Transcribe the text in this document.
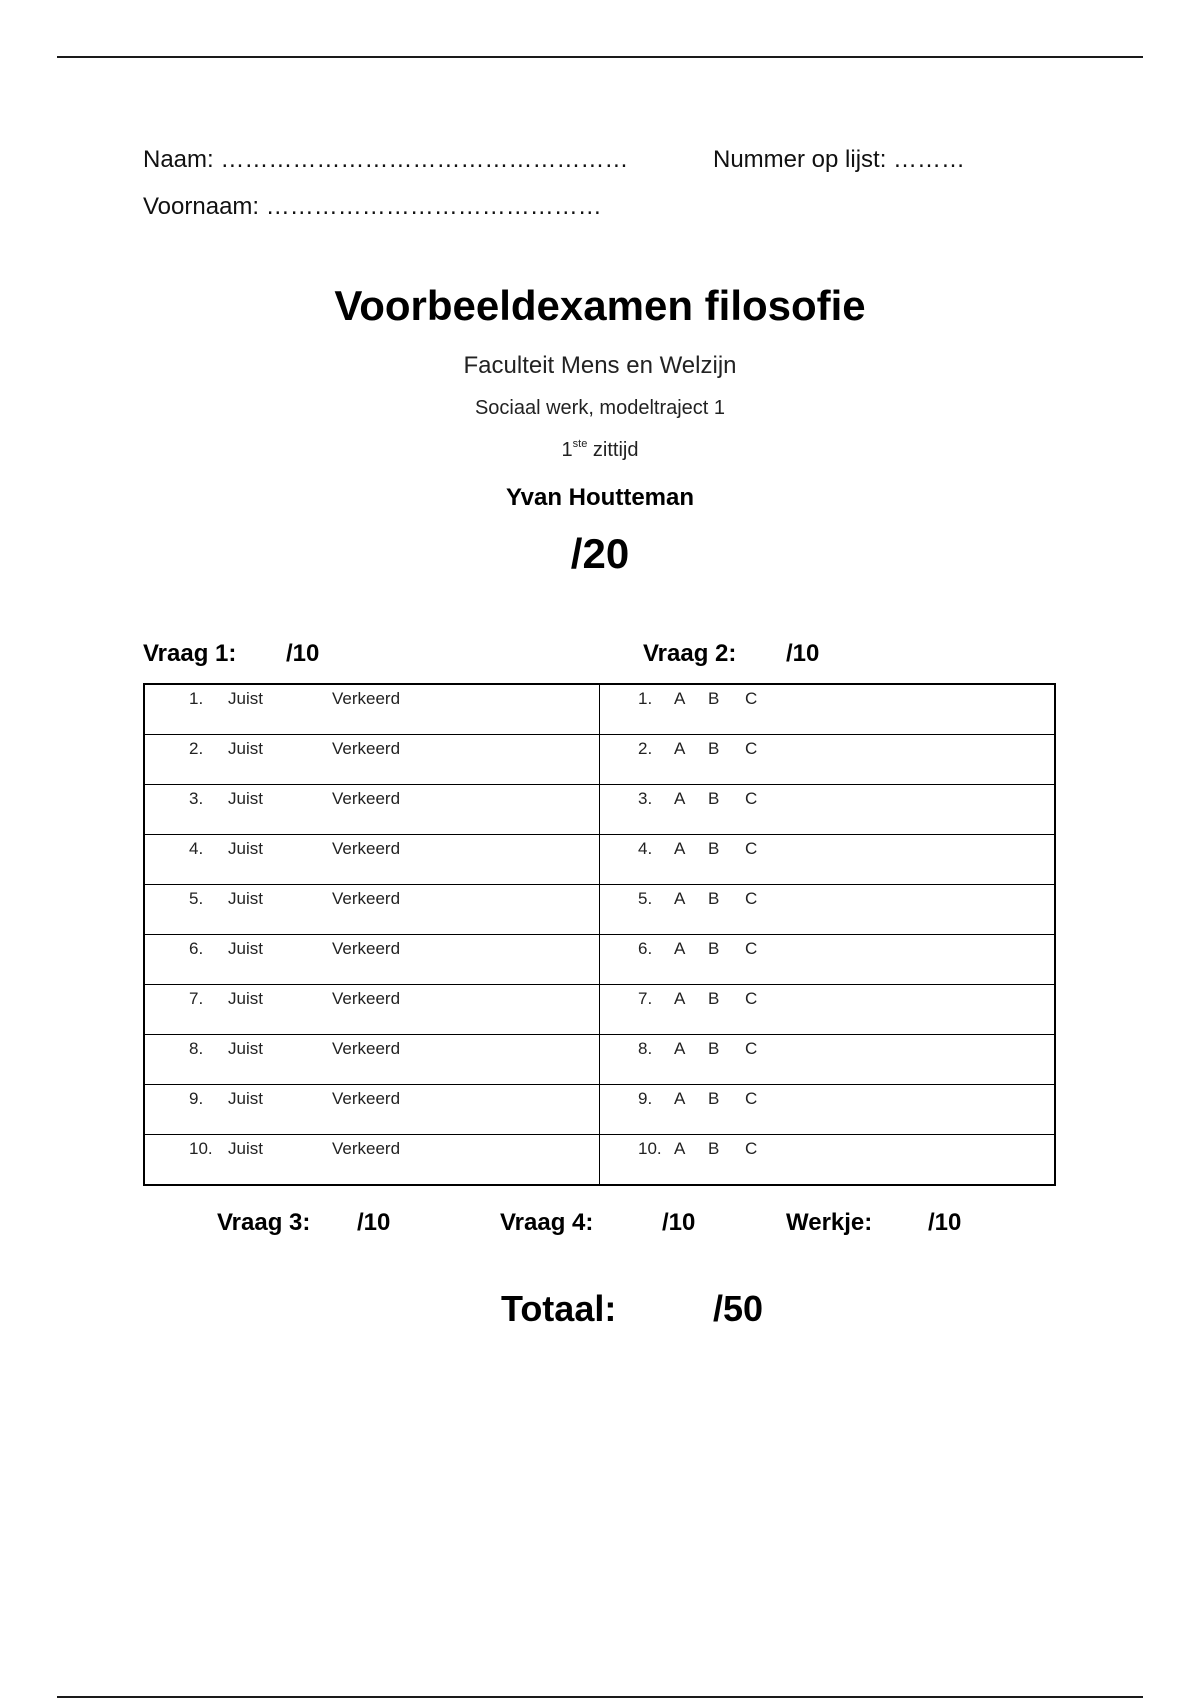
Naam: ……………………………………………
Voornaam: ……………………………………
Nummer op lijst: ………
Voorbeeldexamen filosofie
Faculteit Mens en Welzijn
Sociaal werk, modeltraject 1
1ste zittijd
Yvan Houtteman
/20
Vraag 1: /10	Vraag 2: /10
1. Juist Verkeerd	1. A B C

2. Juist Verkeerd	2. A B C

3. Juist Verkeerd	3. A B C

4. Juist Verkeerd	4. A B C

5. Juist Verkeerd	5. A B C

6. Juist Verkeerd	6. A B C

7. Juist Verkeerd	7. A B C

8. Juist Verkeerd	8. A B C

9. Juist Verkeerd	9. A B C

10. Juist Verkeerd	10. A B C
Vraag 3: /10	Vraag 4:	/10	Werkje: /10
Totaal:	/50
